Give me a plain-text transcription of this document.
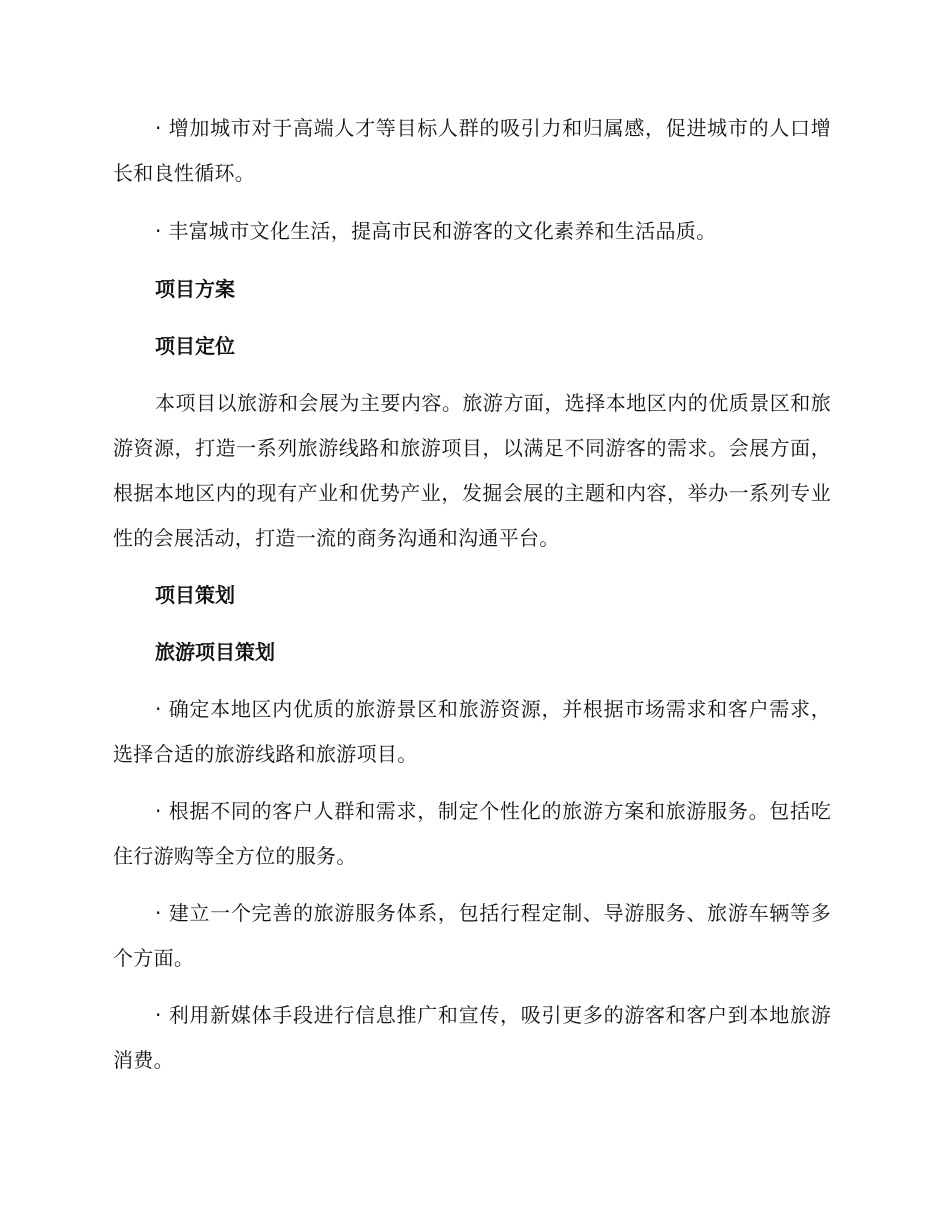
· 增加城市对于高端人才等目标人群的吸引力和归属感，促进城市的人口增长和良性循环。

· 丰富城市文化生活，提高市民和游客的文化素养和生活品质。

项目方案
项目定位

本项目以旅游和会展为主要内容。旅游方面，选择本地区内的优质景区和旅游资源，打造一系列旅游线路和旅游项目，以满足不同游客的需求。会展方面，根据本地区内的现有产业和优势产业，发掘会展的主题和内容，举办一系列专业性的会展活动，打造一流的商务沟通和沟通平台。

项目策划
旅游项目策划

· 确定本地区内优质的旅游景区和旅游资源，并根据市场需求和客户需求，选择合适的旅游线路和旅游项目。

· 根据不同的客户人群和需求，制定个性化的旅游方案和旅游服务。包括吃住行游购等全方位的服务。

· 建立一个完善的旅游服务体系，包括行程定制、导游服务、旅游车辆等多个方面。

· 利用新媒体手段进行信息推广和宣传，吸引更多的游客和客户到本地旅游消费。
